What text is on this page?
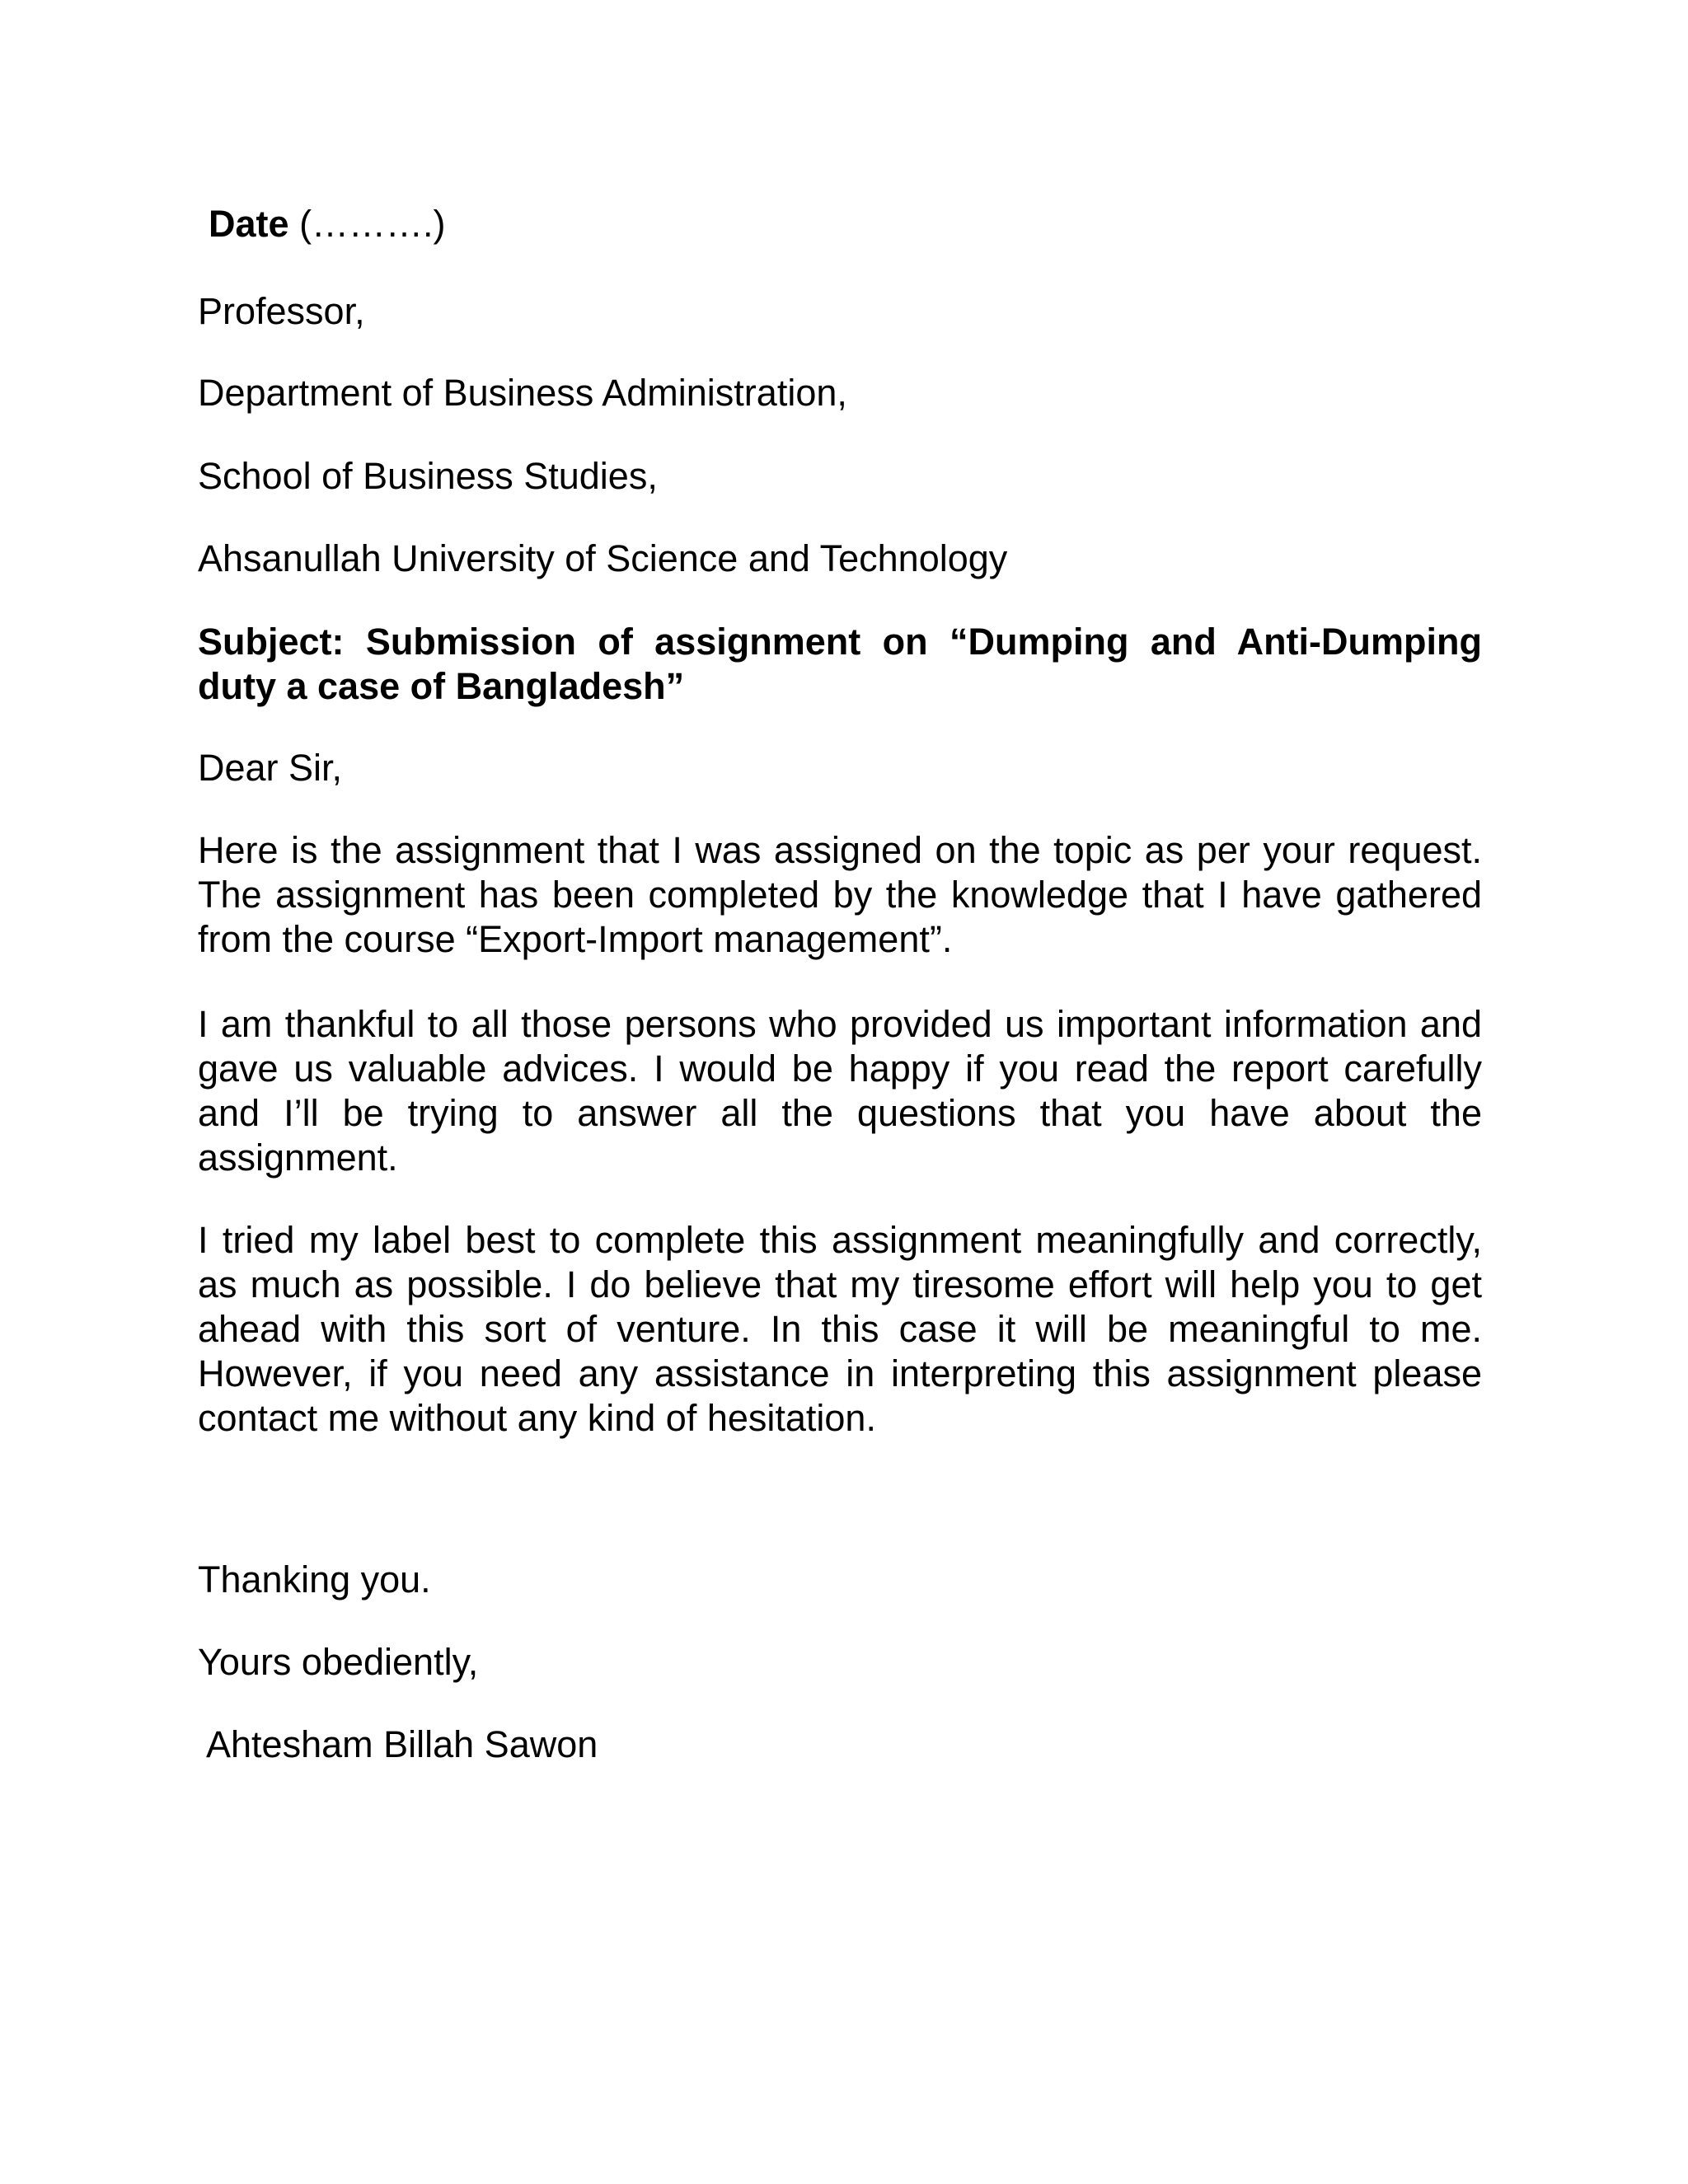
Date (……….)
Professor,
Department of Business Administration,
School of Business Studies,
Ahsanullah University of Science and Technology

Subject: Submission of assignment on “Dumping and Anti-Dumping duty a case of Bangladesh”

Dear Sir,

Here is the assignment that I was assigned on the topic as per your request. The assignment has been completed by the knowledge that I have gathered from the course “Export-Import management”.

I am thankful to all those persons who provided us important information and gave us valuable advices. I would be happy if you read the report carefully and I’ll be trying to answer all the questions that you have about the assignment.

I tried my label best to complete this assignment meaningfully and correctly, as much as possible. I do believe that my tiresome effort will help you to get ahead with this sort of venture. In this case it will be meaningful to me. However, if you need any assistance in interpreting this assignment please contact me without any kind of hesitation.

Thanking you.
Yours obediently,
Ahtesham Billah Sawon
